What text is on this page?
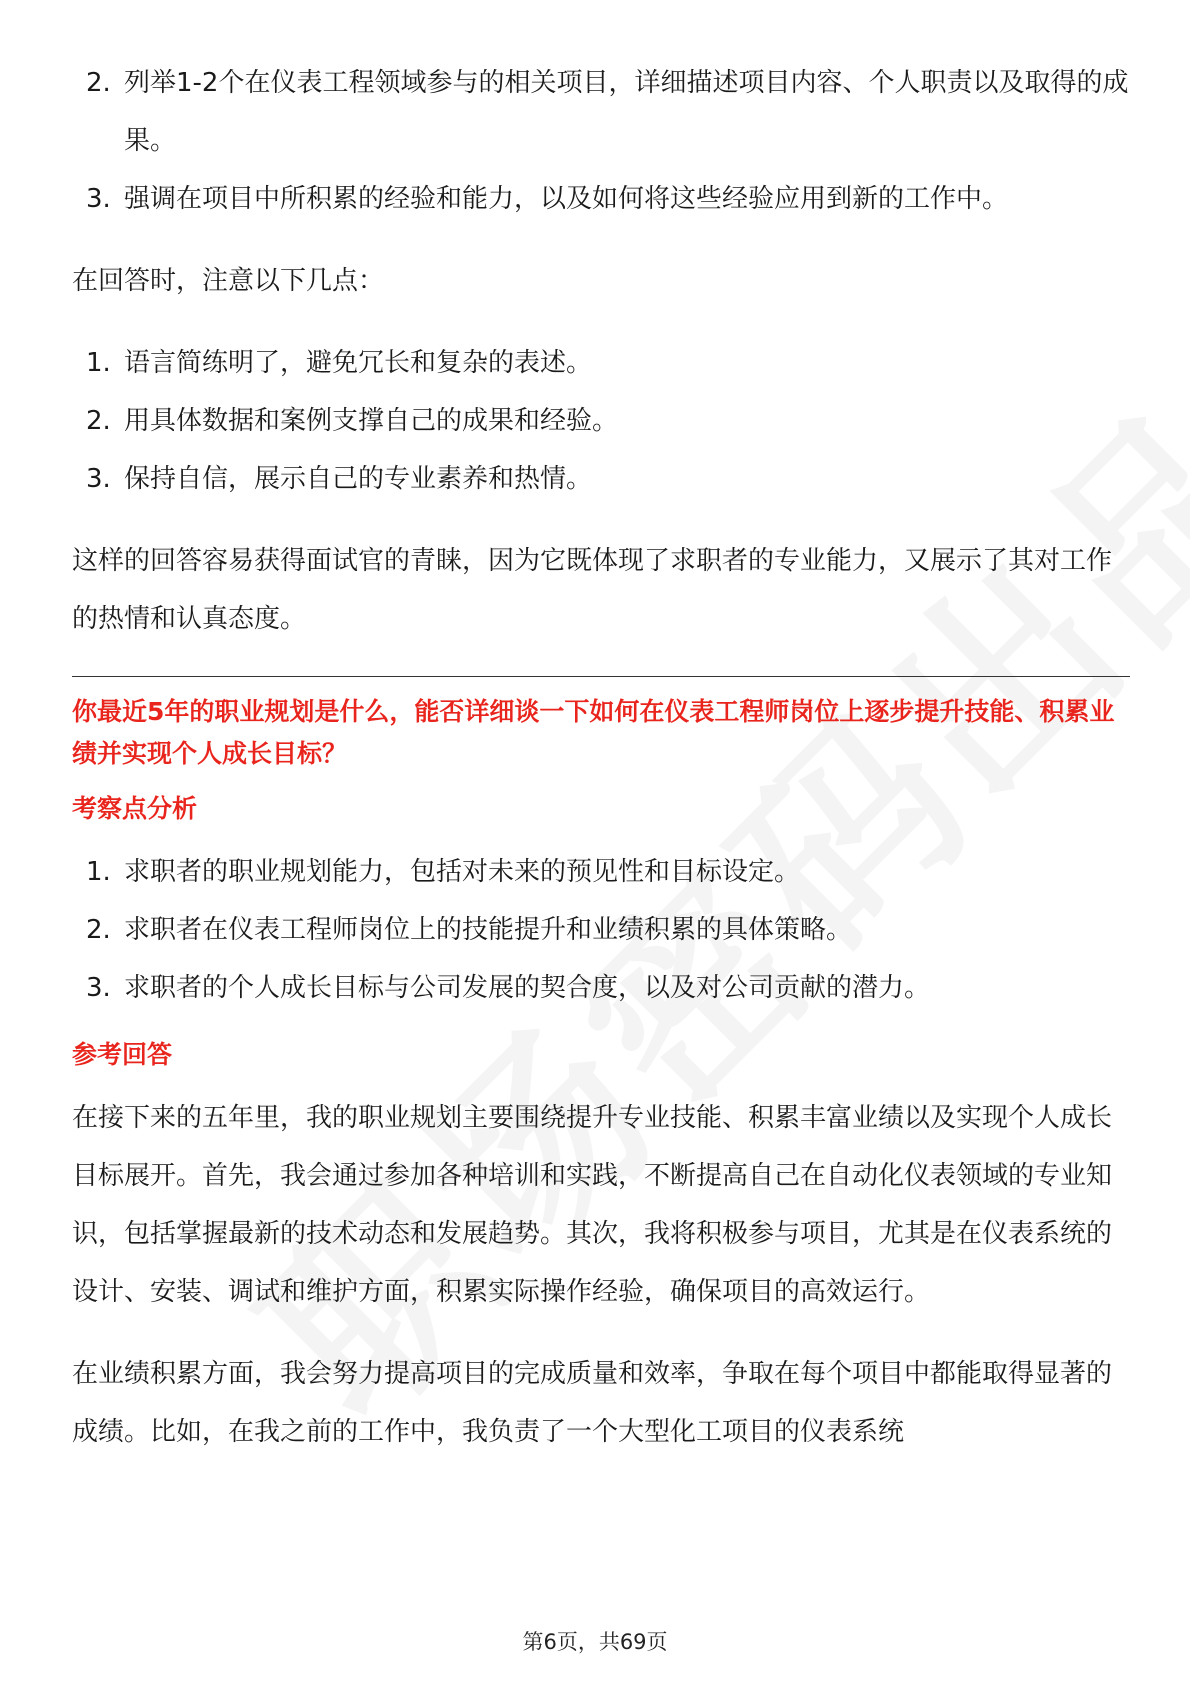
2. 列举1-2个在仪表工程领域参与的相关项目，详细描述项目内容、个人职责以及取得的成果。
3. 强调在项目中所积累的经验和能力，以及如何将这些经验应用到新的工作中。

在回答时，注意以下几点：

1. 语言简练明了，避免冗长和复杂的表述。
2. 用具体数据和案例支撑自己的成果和经验。
3. 保持自信，展示自己的专业素养和热情。

这样的回答容易获得面试官的青睐，因为它既体现了求职者的专业能力，又展示了其对工作的热情和认真态度。

你最近5年的职业规划是什么，能否详细谈一下如何在仪表工程师岗位上逐步提升技能、积累业绩并实现个人成长目标？

考察点分析

1. 求职者的职业规划能力，包括对未来的预见性和目标设定。
2. 求职者在仪表工程师岗位上的技能提升和业绩积累的具体策略。
3. 求职者的个人成长目标与公司发展的契合度，以及对公司贡献的潜力。

参考回答

在接下来的五年里，我的职业规划主要围绕提升专业技能、积累丰富业绩以及实现个人成长目标展开。首先，我会通过参加各种培训和实践，不断提高自己在自动化仪表领域的专业知识，包括掌握最新的技术动态和发展趋势。其次，我将积极参与项目，尤其是在仪表系统的设计、安装、调试和维护方面，积累实际操作经验，确保项目的高效运行。

在业绩积累方面，我会努力提高项目的完成质量和效率，争取在每个项目中都能取得显著的成绩。比如，在我之前的工作中，我负责了一个大型化工项目的仪表系统

第6页，共69页
